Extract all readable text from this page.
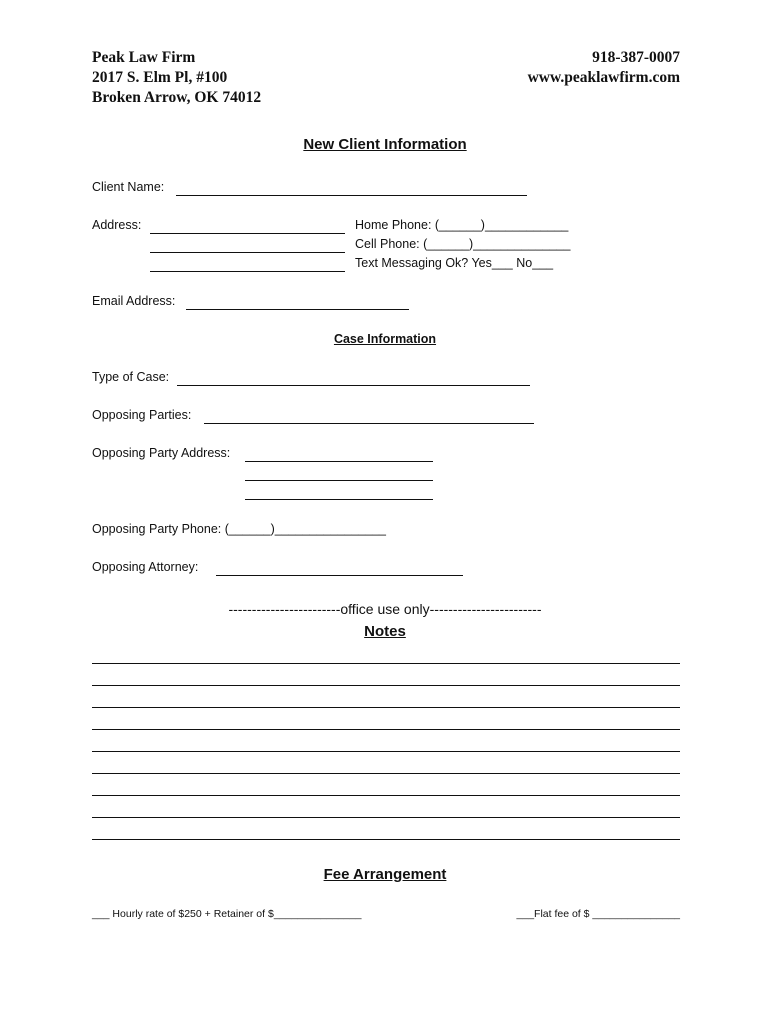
Peak Law Firm
2017 S. Elm Pl, #100
Broken Arrow, OK 74012
918-387-0007
www.peaklawfirm.com
New Client Information
Client Name:
Address:	Home Phone: (______)____________
Cell Phone: (______)______________
Text Messaging Ok? Yes___ No___
Email Address:
Case Information
Type of Case:
Opposing Parties:
Opposing Party Address:
Opposing Party Phone: (______)________________
Opposing Attorney:
------------------------office use only------------------------
Notes
Fee Arrangement
___ Hourly rate of $250 + Retainer of $_______________	___Flat fee of $ _______________
